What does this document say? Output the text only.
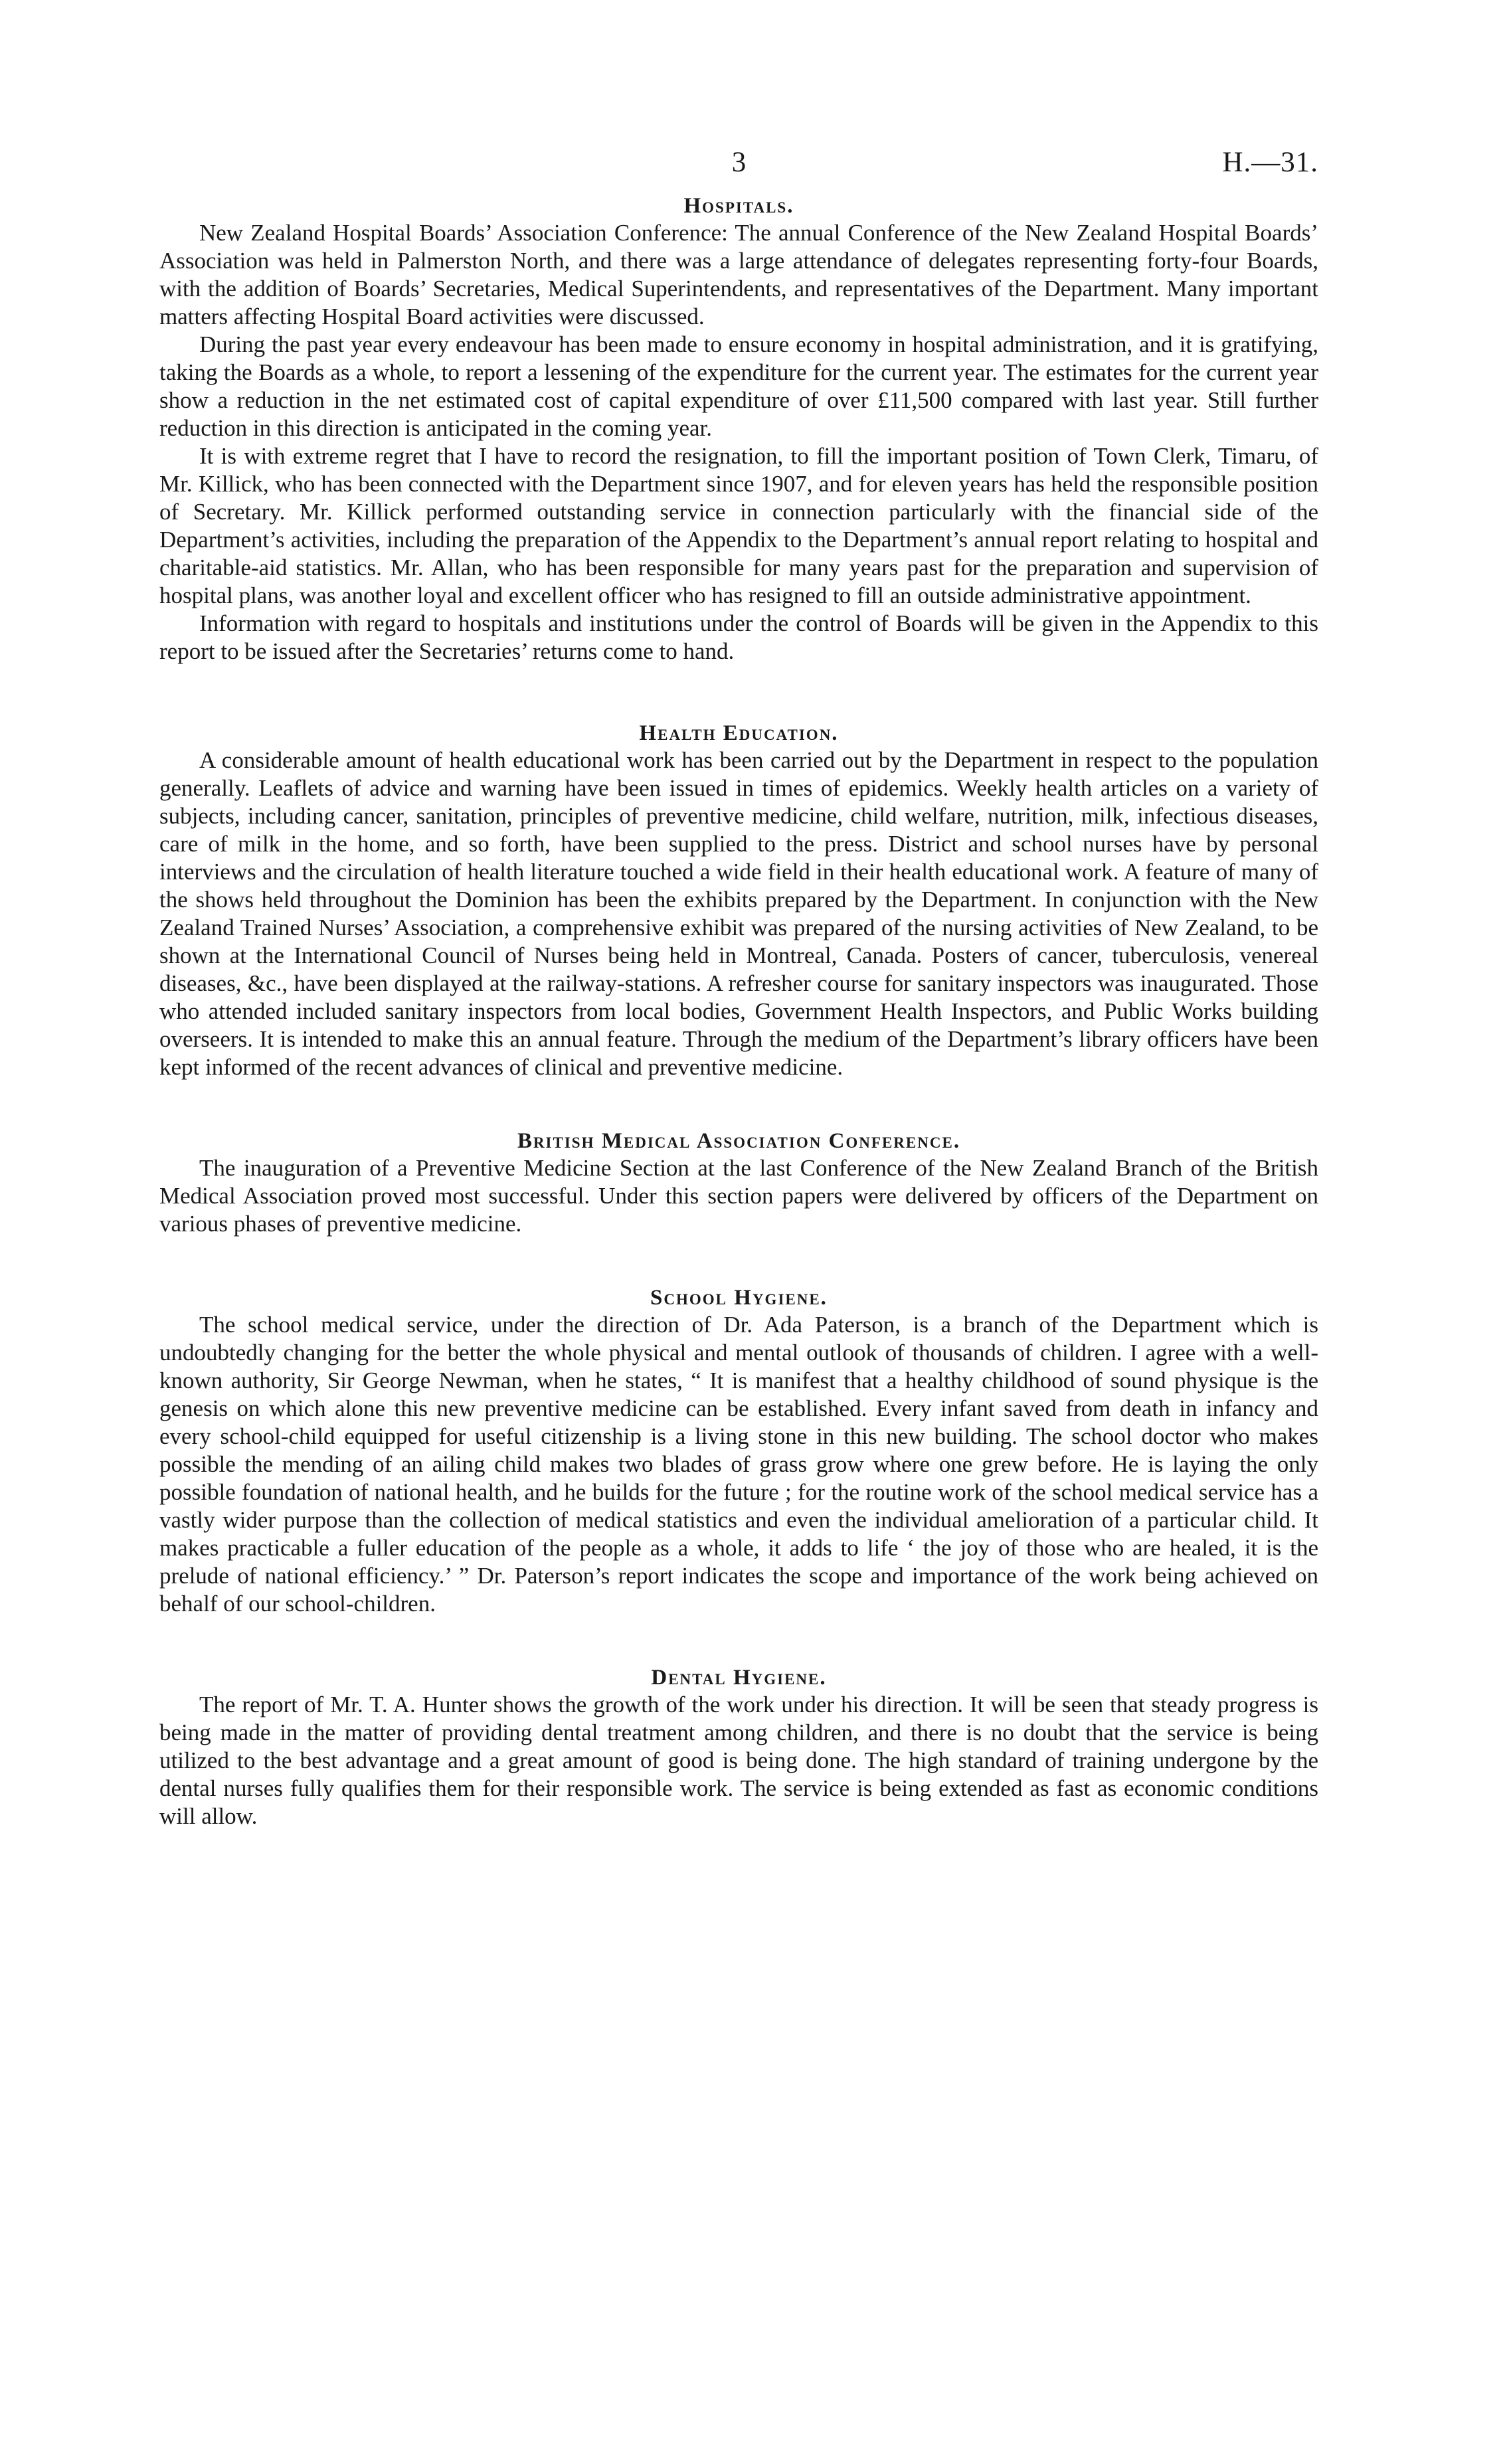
3	H.—31.
Hospitals.

New Zealand Hospital Boards’ Association Conference: The annual Conference of the New Zealand Hospital Boards’ Association was held in Palmerston North, and there was a large attendance of delegates representing forty-four Boards, with the addition of Boards’ Secretaries, Medical Superintendents, and representatives of the Department. Many important matters affecting Hospital Board activities were discussed.

During the past year every endeavour has been made to ensure economy in hospital administration, and it is gratifying, taking the Boards as a whole, to report a lessening of the expenditure for the current year. The estimates for the current year show a reduction in the net estimated cost of capital expenditure of over £11,500 compared with last year. Still further reduction in this direction is anticipated in the coming year.

It is with extreme regret that I have to record the resignation, to fill the important position of Town Clerk, Timaru, of Mr. Killick, who has been connected with the Department since 1907, and for eleven years has held the responsible position of Secretary. Mr. Killick performed outstanding service in connection particularly with the financial side of the Department’s activities, including the preparation of the Appendix to the Department’s annual report relating to hospital and charitable-aid statistics. Mr. Allan, who has been responsible for many years past for the preparation and supervision of hospital plans, was another loyal and excellent officer who has resigned to fill an outside administrative appointment.

Information with regard to hospitals and institutions under the control of Boards will be given in the Appendix to this report to be issued after the Secretaries’ returns come to hand.

Health Education.

A considerable amount of health educational work has been carried out by the Department in respect to the population generally. Leaflets of advice and warning have been issued in times of epidemics. Weekly health articles on a variety of subjects, including cancer, sanitation, principles of preventive medicine, child welfare, nutrition, milk, infectious diseases, care of milk in the home, and so forth, have been supplied to the press. District and school nurses have by personal interviews and the circulation of health literature touched a wide field in their health educational work. A feature of many of the shows held throughout the Dominion has been the exhibits prepared by the Department. In conjunction with the New Zealand Trained Nurses’ Association, a comprehensive exhibit was prepared of the nursing activities of New Zealand, to be shown at the International Council of Nurses being held in Montreal, Canada. Posters of cancer, tuberculosis, venereal diseases, &c., have been displayed at the railway-stations. A refresher course for sanitary inspectors was inaugurated. Those who attended included sanitary inspectors from local bodies, Government Health Inspectors, and Public Works building overseers. It is intended to make this an annual feature. Through the medium of the Department’s library officers have been kept informed of the recent advances of clinical and preventive medicine.

British Medical Association Conference.

The inauguration of a Preventive Medicine Section at the last Conference of the New Zealand Branch of the British Medical Association proved most successful. Under this section papers were delivered by officers of the Department on various phases of preventive medicine.

School Hygiene.

The school medical service, under the direction of Dr. Ada Paterson, is a branch of the Department which is undoubtedly changing for the better the whole physical and mental outlook of thousands of children. I agree with a well-known authority, Sir George Newman, when he states, “ It is manifest that a healthy childhood of sound physique is the genesis on which alone this new preventive medicine can be established. Every infant saved from death in infancy and every school-child equipped for useful citizenship is a living stone in this new building. The school doctor who makes possible the mending of an ailing child makes two blades of grass grow where one grew before. He is laying the only possible foundation of national health, and he builds for the future ; for the routine work of the school medical service has a vastly wider purpose than the collection of medical statistics and even the individual amelioration of a particular child. It makes practicable a fuller education of the people as a whole, it adds to life ‘ the joy of those who are healed, it is the prelude of national efficiency.’ ” Dr. Paterson’s report indicates the scope and importance of the work being achieved on behalf of our school-children.

Dental Hygiene.

The report of Mr. T. A. Hunter shows the growth of the work under his direction. It will be seen that steady progress is being made in the matter of providing dental treatment among children, and there is no doubt that the service is being utilized to the best advantage and a great amount of good is being done. The high standard of training undergone by the dental nurses fully qualifies them for their responsible work. The service is being extended as fast as economic conditions will allow.
